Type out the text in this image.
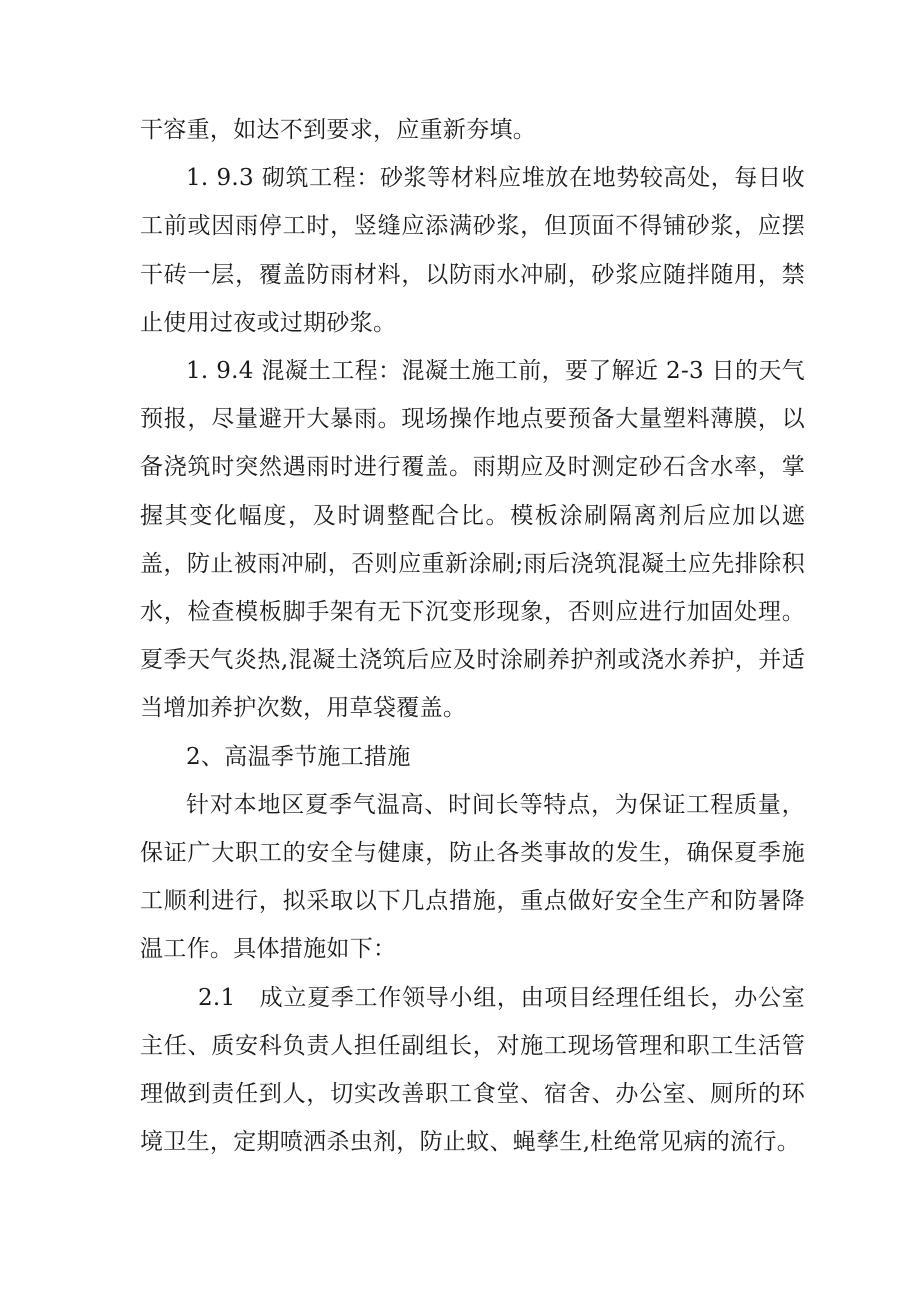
干容重，如达不到要求，应重新夯填。

1. 9.3 砌筑工程：砂浆等材料应堆放在地势较高处，每日收工前或因雨停工时，竖缝应添满砂浆，但顶面不得铺砂浆，应摆干砖一层，覆盖防雨材料，以防雨水冲刷，砂浆应随拌随用，禁止使用过夜或过期砂浆。

1. 9.4 混凝土工程：混凝土施工前，要了解近 2-3 日的天气预报，尽量避开大暴雨。现场操作地点要预备大量塑料薄膜，以备浇筑时突然遇雨时进行覆盖。雨期应及时测定砂石含水率，掌握其变化幅度，及时调整配合比。模板涂刷隔离剂后应加以遮盖，防止被雨冲刷，否则应重新涂刷;雨后浇筑混凝土应先排除积水，检查模板脚手架有无下沉变形现象，否则应进行加固处理。夏季天气炎热,混凝土浇筑后应及时涂刷养护剂或浇水养护，并适当增加养护次数，用草袋覆盖。

2、高温季节施工措施

针对本地区夏季气温高、时间长等特点，为保证工程质量，保证广大职工的安全与健康，防止各类事故的发生，确保夏季施工顺利进行，拟采取以下几点措施，重点做好安全生产和防暑降温工作。具体措施如下：

2.1　成立夏季工作领导小组，由项目经理任组长，办公室主任、质安科负责人担任副组长，对施工现场管理和职工生活管理做到责任到人，切实改善职工食堂、宿舍、办公室、厕所的环境卫生，定期喷洒杀虫剂，防止蚊、蝇孳生,杜绝常见病的流行。
